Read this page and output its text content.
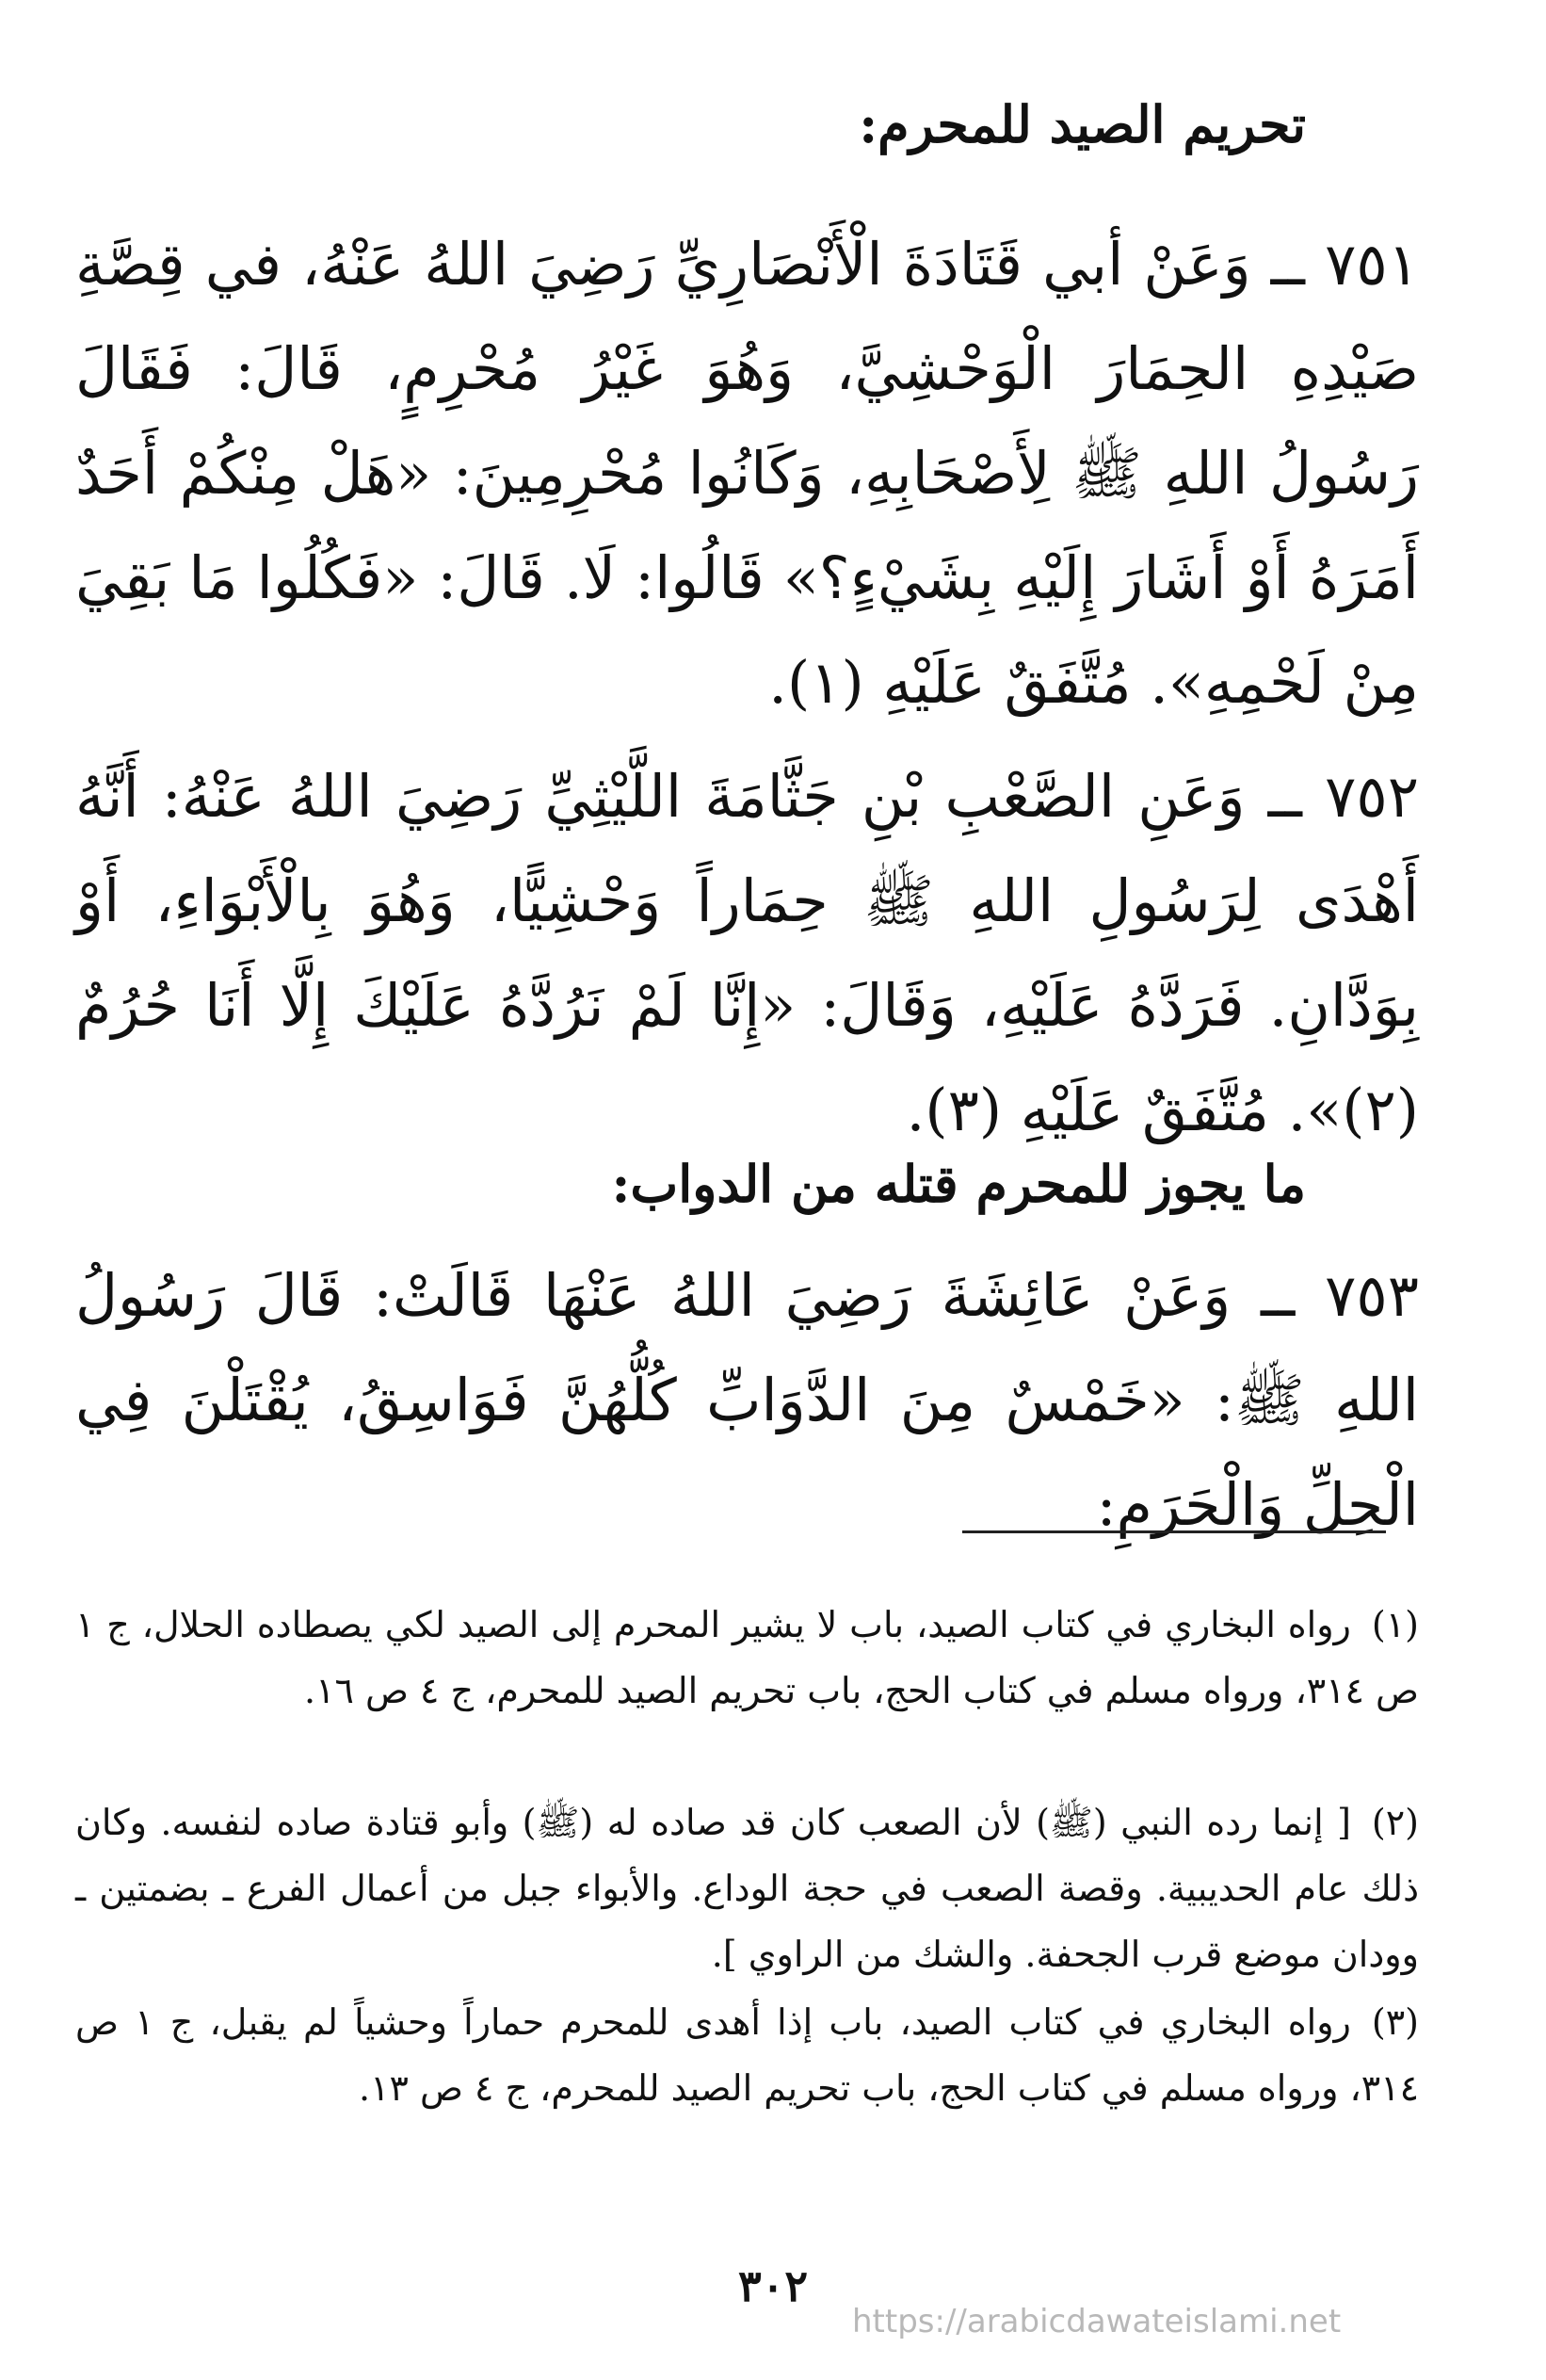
تحريم الصيد للمحرم:
٧٥١ ــ وَعَنْ أبي قَتَادَةَ الْأَنْصَارِيِّ رَضِيَ اللهُ عَنْهُ، في قِصَّةِ صَيْدِهِ الحِمَارَ الْوَحْشِيَّ، وَهُوَ غَيْرُ مُحْرِمٍ، قَالَ: فَقَالَ رَسُولُ اللهِ ﷺ لِأَصْحَابِهِ، وَكَانُوا مُحْرِمِينَ: «هَلْ مِنْكُمْ أَحَدٌ أَمَرَهُ أَوْ أَشَارَ إِلَيْهِ بِشَيْءٍ؟» قَالُوا: لَا. قَالَ: «فَكُلُوا مَا بَقِيَ مِنْ لَحْمِهِ». مُتَّفَقٌ عَلَيْهِ (١).
٧٥٢ ــ وَعَنِ الصَّعْبِ بْنِ جَثَّامَةَ اللَّيْثِيِّ رَضِيَ اللهُ عَنْهُ: أَنَّهُ أَهْدَى لِرَسُولِ اللهِ ﷺ حِمَاراً وَحْشِيًّا، وَهُوَ بِالْأَبْوَاءِ، أَوْ بِوَدَّانِ. فَرَدَّهُ عَلَيْهِ، وَقَالَ: «إِنَّا لَمْ نَرُدَّهُ عَلَيْكَ إِلَّا أَنَا حُرُمٌ (٢)». مُتَّفَقٌ عَلَيْهِ (٣).
ما يجوز للمحرم قتله من الدواب:
٧٥٣ ــ وَعَنْ عَائِشَةَ رَضِيَ اللهُ عَنْهَا قَالَتْ: قَالَ رَسُولُ اللهِ ﷺ: «خَمْسٌ مِنَ الدَّوَابِّ كُلُّهُنَّ فَوَاسِقُ، يُقْتَلْنَ فِي الْحِلِّ وَالْحَرَمِ:
(١)رواه البخاري في كتاب الصيد، باب لا يشير المحرم إلى الصيد لكي يصطاده الحلال، ج ١ ص ٣١٤، ورواه مسلم في كتاب الحج، باب تحريم الصيد للمحرم، ج ٤ ص ١٦.
(٢)[ إنما رده النبي (ﷺ) لأن الصعب كان قد صاده له (ﷺ) وأبو قتادة صاده لنفسه. وكان ذلك عام الحديبية. وقصة الصعب في حجة الوداع. والأبواء جبل من أعمال الفرع ـ بضمتين ـ وودان موضع قرب الجحفة. والشك من الراوي ].
(٣)رواه البخاري في كتاب الصيد، باب إذا أهدى للمحرم حماراً وحشياً لم يقبل، ج ١ ص ٣١٤، ورواه مسلم في كتاب الحج، باب تحريم الصيد للمحرم، ج ٤ ص ١٣.
٣٠٢
https://arabicdawateislami.net
